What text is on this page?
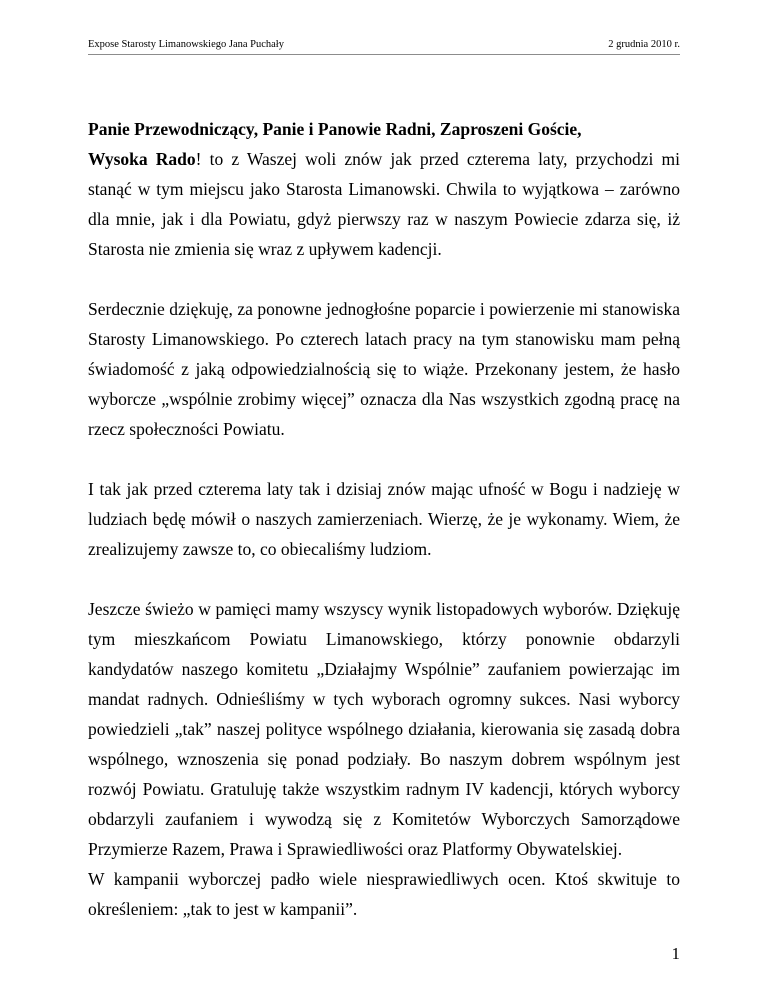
Expose Starosty Limanowskiego Jana Puchały	2 grudnia 2010 r.

Panie Przewodniczący, Panie i Panowie Radni, Zaproszeni Goście,

Wysoka Rado! to z Waszej woli znów jak przed czterema laty, przychodzi mi stanąć w tym miejscu jako Starosta Limanowski. Chwila to wyjątkowa – zarówno dla mnie, jak i dla Powiatu, gdyż pierwszy raz w naszym Powiecie zdarza się, iż Starosta nie zmienia się wraz z upływem kadencji.

Serdecznie dziękuję, za ponowne jednogłośne poparcie i powierzenie mi stanowiska Starosty Limanowskiego. Po czterech latach pracy na tym stanowisku mam pełną świadomość z jaką odpowiedzialnością się to wiąże. Przekonany jestem, że hasło wyborcze „wspólnie zrobimy więcej” oznacza dla Nas wszystkich zgodną pracę na rzecz społeczności Powiatu.

I tak jak przed czterema laty tak i dzisiaj znów mając ufność w Bogu i nadzieję w ludziach będę mówił o naszych zamierzeniach. Wierzę, że je wykonamy. Wiem, że zrealizujemy zawsze to, co obiecaliśmy ludziom.

Jeszcze świeżo w pamięci mamy wszyscy wynik listopadowych wyborów. Dziękuję tym mieszkańcom Powiatu Limanowskiego, którzy ponownie obdarzyli kandydatów naszego komitetu „Działajmy Wspólnie” zaufaniem powierzając im mandat radnych. Odnieśliśmy w tych wyborach ogromny sukces. Nasi wyborcy powiedzieli „tak” naszej polityce wspólnego działania, kierowania się zasadą dobra wspólnego, wznoszenia się ponad podziały. Bo naszym dobrem wspólnym jest rozwój Powiatu. Gratuluję także wszystkim radnym IV kadencji, których wyborcy obdarzyli zaufaniem i wywodzą się z Komitetów Wyborczych Samorządowe Przymierze Razem, Prawa i Sprawiedliwości oraz Platformy Obywatelskiej.

W kampanii wyborczej padło wiele niesprawiedliwych ocen. Ktoś skwituje to określeniem: „tak to jest w kampanii”.

1
